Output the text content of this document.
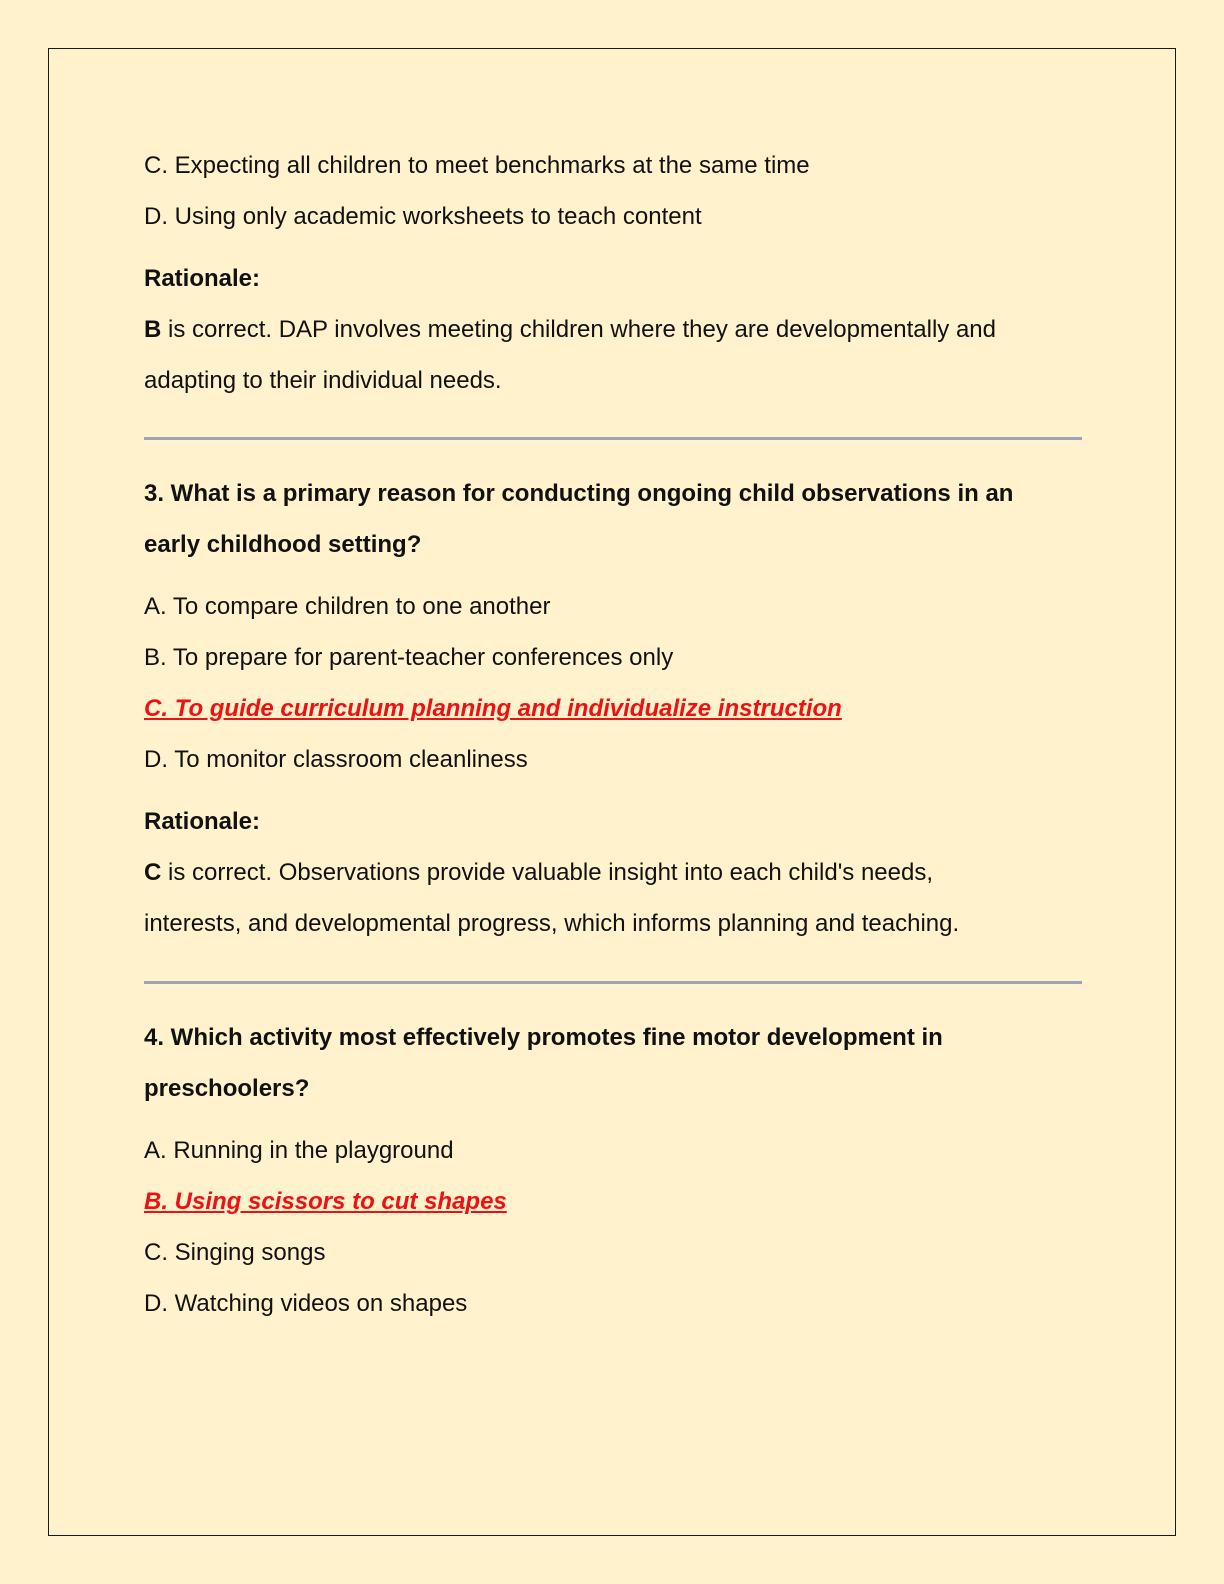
C. Expecting all children to meet benchmarks at the same time

D. Using only academic worksheets to teach content

Rationale:

B is correct. DAP involves meeting children where they are developmentally and

adapting to their individual needs.

3. What is a primary reason for conducting ongoing child observations in an

early childhood setting?

A. To compare children to one another

B. To prepare for parent-teacher conferences only

C. To guide curriculum planning and individualize instruction

D. To monitor classroom cleanliness

Rationale:

C is correct. Observations provide valuable insight into each child's needs,

interests, and developmental progress, which informs planning and teaching.

4. Which activity most effectively promotes fine motor development in

preschoolers?

A. Running in the playground

B. Using scissors to cut shapes

C. Singing songs

D. Watching videos on shapes
